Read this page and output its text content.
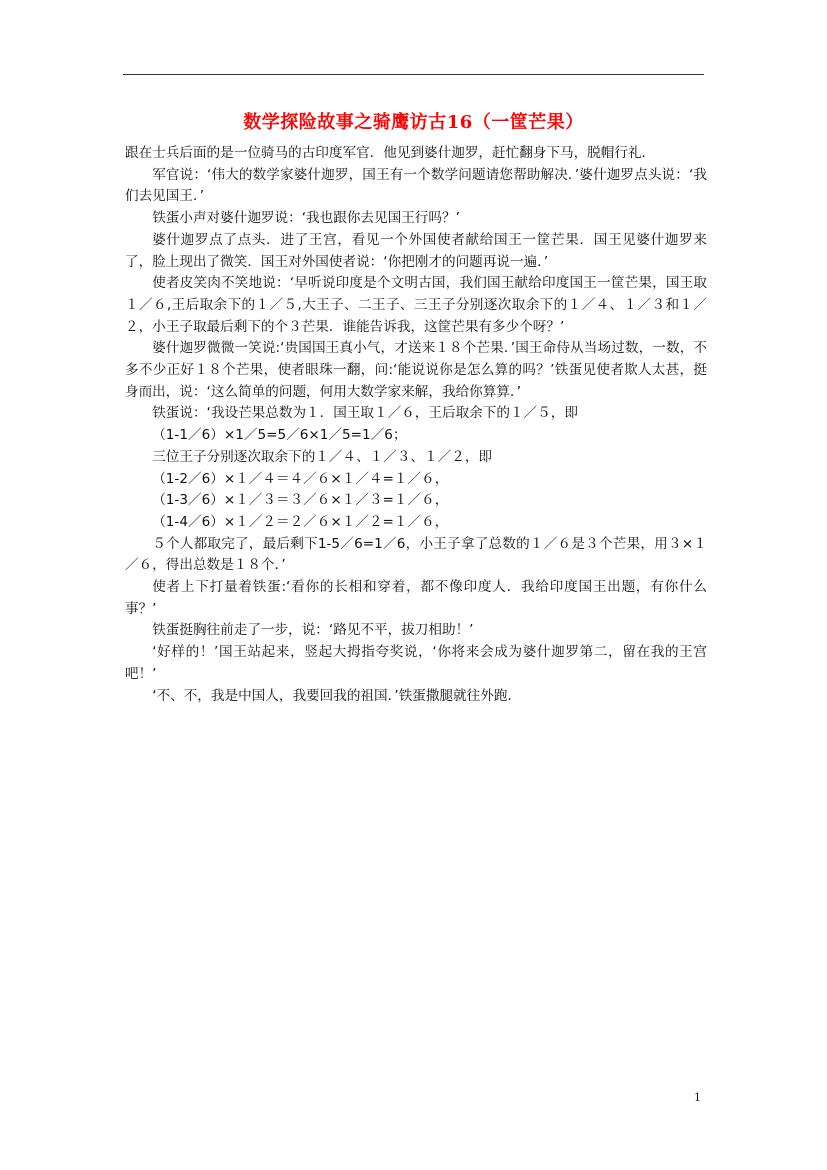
数学探险故事之骑鹰访古16（一筐芒果）

跟在士兵后面的是一位骑马的古印度军官．他见到婆什迦罗，赶忙翻身下马，脱帽行礼．

军官说：‘伟大的数学家婆什迦罗，国王有一个数学问题请您帮助解决．’婆什迦罗点头说：‘我们去见国王．’

铁蛋小声对婆什迦罗说：‘我也跟你去见国王行吗？’

婆什迦罗点了点头．进了王宫，看见一个外国使者献给国王一筐芒果．国王见婆什迦罗来了，脸上现出了微笑．国王对外国使者说：‘你把刚才的问题再说一遍．’

使者皮笑肉不笑地说：‘早听说印度是个文明古国，我们国王献给印度国王一筐芒果，国王取１／６,王后取余下的１／５,大王子、二王子、三王子分别逐次取余下的１／４、１／３和１／２，小王子取最后剩下的个３芒果．谁能告诉我，这筐芒果有多少个呀？’

婆什迦罗微微一笑说:‘贵国国王真小气，才送来１８个芒果．’国王命侍从当场过数，一数，不多不少正好１８个芒果，使者眼珠一翻，问:‘能说说你是怎么算的吗？’铁蛋见使者欺人太甚，挺身而出，说：‘这么简单的问题，何用大数学家来解，我给你算算．’

铁蛋说：‘我设芒果总数为１．国王取１／６，王后取余下的１／５，即

（1-1／6）×1／5=5／6×1／5=1／6；

三位王子分别逐次取余下的１／４、１／３、１／２，即

（1-2／6）×１／４＝４／６×１／４=１／６，

（1-3／6）×１／３＝３／６×１／３=１／６，

（1-4／6）×１／２＝２／６×１／２=１／６，

５个人都取完了，最后剩下1-5／6=1／6，小王子拿了总数的１／６是３个芒果，用３×１／６，得出总数是１８个．’

使者上下打量着铁蛋:‘看你的长相和穿着，都不像印度人．我给印度国王出题，有你什么事？’

铁蛋挺胸往前走了一步，说：‘路见不平，拔刀相助！’

‘好样的！’国王站起来，竖起大拇指夸奖说，‘你将来会成为婆什迦罗第二，留在我的王宫吧！’

‘不、不，我是中国人，我要回我的祖国．’铁蛋撒腿就往外跑．

1
